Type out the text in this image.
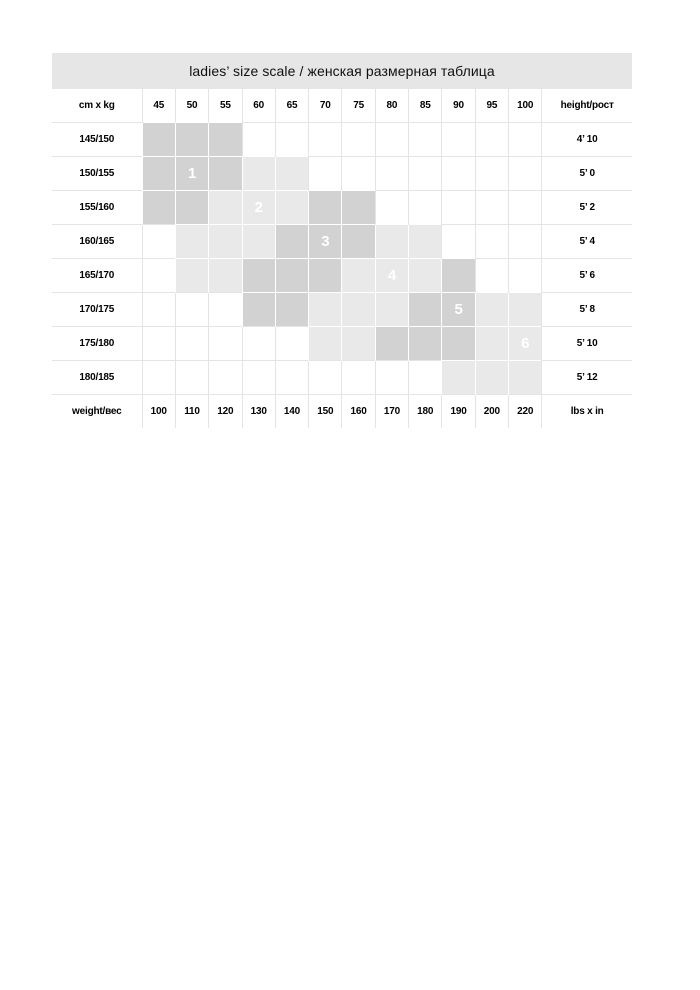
ladies’ size scale / женская размерная таблица
cm x kg	45	50	55	60	65	70	75	80	85	90	95	100	height/рост
145/150													4’ 10
150/155		1											5’ 0
155/160				2									5’ 2
160/165						3							5’ 4
165/170								4					5’ 6
170/175										5			5’ 8
175/180												6	5’ 10
180/185													5’ 12
weight/вес	100	110	120	130	140	150	160	170	180	190	200	220	lbs x in
